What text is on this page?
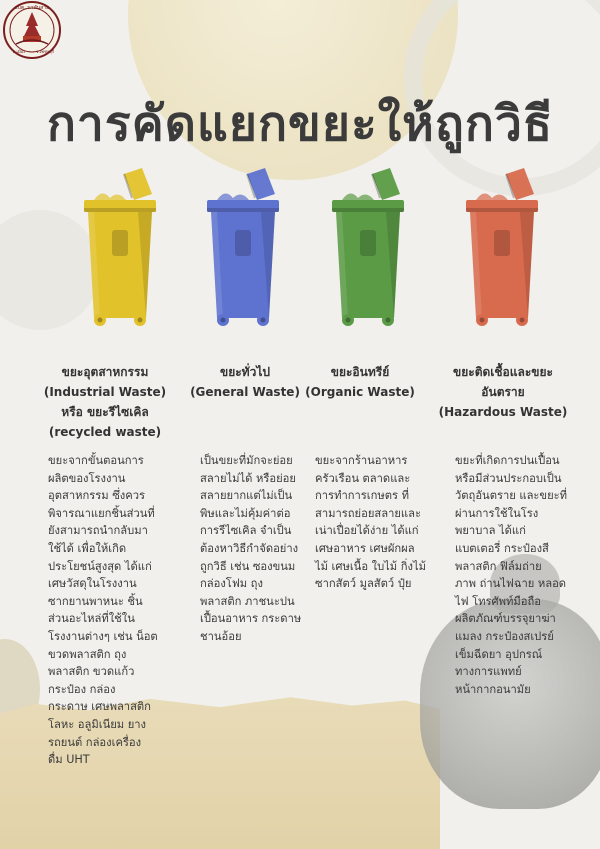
อบต. นาพันสาม
อ.เมือง	จ.เพชรบุรี
การคัดแยกขยะให้ถูกวิธี
ขยะอุตสาหกรรม
(Industrial Waste)
หรือ ขยะรีไซเคิล
(recycled waste)
ขยะจากขั้นตอนการ
ผลิตของโรงงาน
อุตสาหกรรม ซึ่งควร
พิจารณาแยกชิ้นส่วนที่
ยังสามารถนำกลับมา
ใช้ได้ เพื่อให้เกิด
ประโยชน์สูงสุด ได้แก่
เศษวัสดุในโรงงาน
ซากยานพาหนะ ชิ้น
ส่วนอะไหล่ที่ใช้ใน
โรงงานต่างๆ เช่น น็อต
ขวดพลาสติก ถุง
พลาสติก ขวดแก้ว
กระป๋อง กล่อง
กระดาษ เศษพลาสติก
โลหะ อลูมิเนียม ยาง
รถยนต์ กล่องเครื่อง
ดื่ม UHT
ขยะทั่วไป
(General Waste)
เป็นขยะที่มักจะย่อย
สลายไม่ได้ หรือย่อย
สลายยากแต่ไม่เป็น
พิษและไม่คุ้มค่าต่อ
การรีไซเคิล จำเป็น
ต้องหาวิธีกำจัดอย่าง
ถูกวิธี เช่น ซองขนม
กล่องโฟม ถุง
พลาสติก ภาชนะปน
เปื้อนอาหาร กระดาษ
ชานอ้อย
ขยะอินทรีย์
(Organic Waste)
ขยะจากร้านอาหาร
ครัวเรือน ตลาดและ
การทำการเกษตร ที่
สามารถย่อยสลายและ
เน่าเปื่อยได้ง่าย ได้แก่
เศษอาหาร เศษผักผล
ไม้ เศษเนื้อ ใบไม้ กิ่งไม้
ซากสัตว์ มูลสัตว์ ปุ๋ย
ขยะติดเชื้อและขยะ
อันตราย
(Hazardous Waste)
ขยะที่เกิดการปนเปื้อน
หรือมีส่วนประกอบเป็น
วัตถุอันตราย และขยะที่
ผ่านการใช้ในโรง
พยาบาล ได้แก่
แบตเตอรี่ กระป๋องสี
พลาสติก ฟิล์มถ่าย
ภาพ ถ่านไฟฉาย หลอด
ไฟ โทรศัพท์มือถือ
ผลิตภัณฑ์บรรจุยาฆ่า
แมลง กระป๋องสเปรย์
เข็มฉีดยา อุปกรณ์
ทางการแพทย์
หน้ากากอนามัย
